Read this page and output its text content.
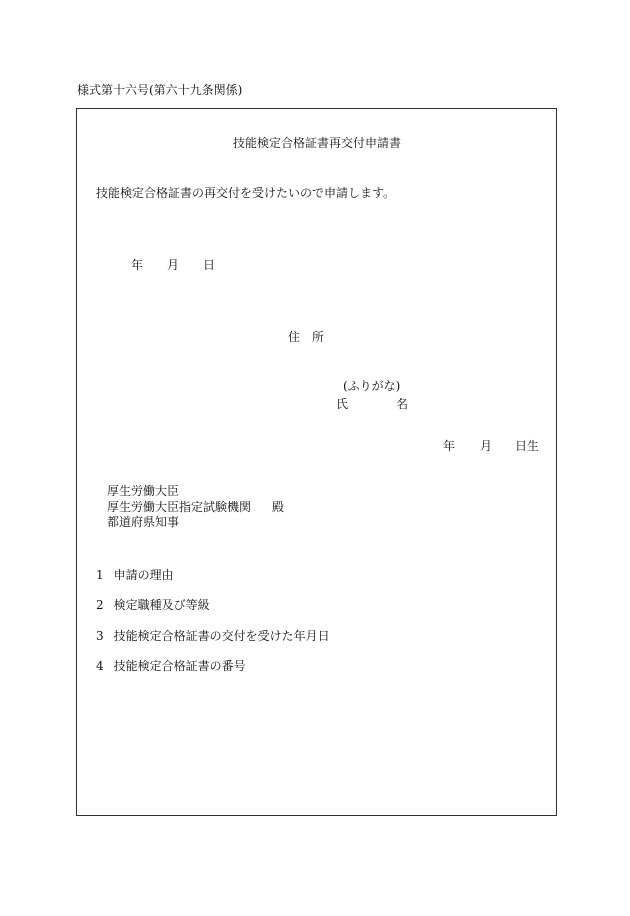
様式第十六号(第六十九条関係)
技能検定合格証書再交付申請書
技能検定合格証書の再交付を受けたいので申請します。
年 月 日
住　所
(ふりがな)
氏	名
年 月 日生
厚生労働大臣
厚生労働大臣指定試験機関
都道府県知事
殿
1 申請の理由
2 検定職種及び等級
3 技能検定合格証書の交付を受けた年月日
4 技能検定合格証書の番号
